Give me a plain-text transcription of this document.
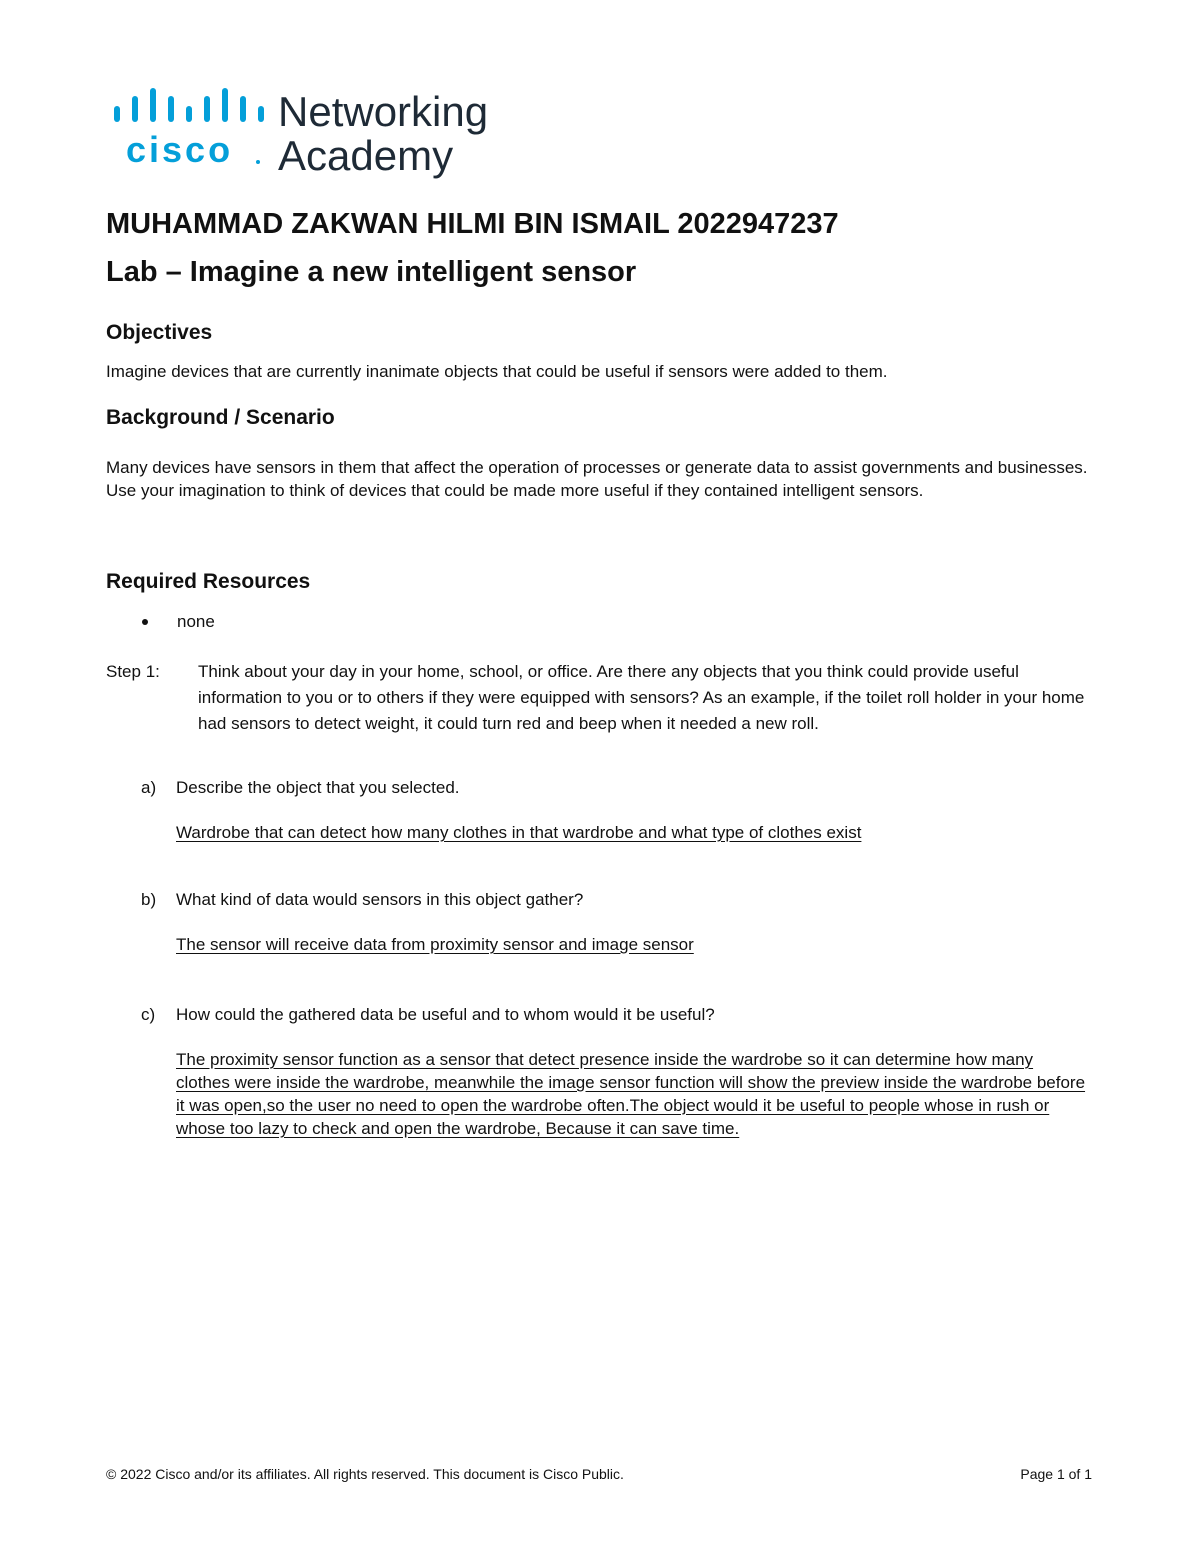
cisco
Networking
Academy
MUHAMMAD ZAKWAN HILMI BIN ISMAIL 2022947237
Lab – Imagine a new intelligent sensor
Objectives
Imagine devices that are currently inanimate objects that could be useful if sensors were added to them.
Background / Scenario
Many devices have sensors in them that affect the operation of processes or generate data to assist governments and businesses. Use your imagination to think of devices that could be made more useful if they contained intelligent sensors.
Required Resources
none
Step 1: Think about your day in your home, school, or office. Are there any objects that you think could provide useful information to you or to others if they were equipped with sensors? As an example, if the toilet roll holder in your home had sensors to detect weight, it could turn red and beep when it needed a new roll.
a) Describe the object that you selected.
Wardrobe that can detect how many clothes in that wardrobe and what type of clothes exist
b) What kind of data would sensors in this object gather?
The sensor will receive data from proximity sensor and image sensor
c) How could the gathered data be useful and to whom would it be useful?
The proximity sensor function as a sensor that detect presence inside the wardrobe so it can determine how many clothes were inside the wardrobe, meanwhile the image sensor function will show the preview inside the wardrobe before it was open,so the user no need to open the wardrobe often.The object would it be useful to people whose in rush or whose too lazy to check and open the wardrobe, Because it can save time.
© 2022 Cisco and/or its affiliates. All rights reserved. This document is Cisco Public.	Page 1 of 1
